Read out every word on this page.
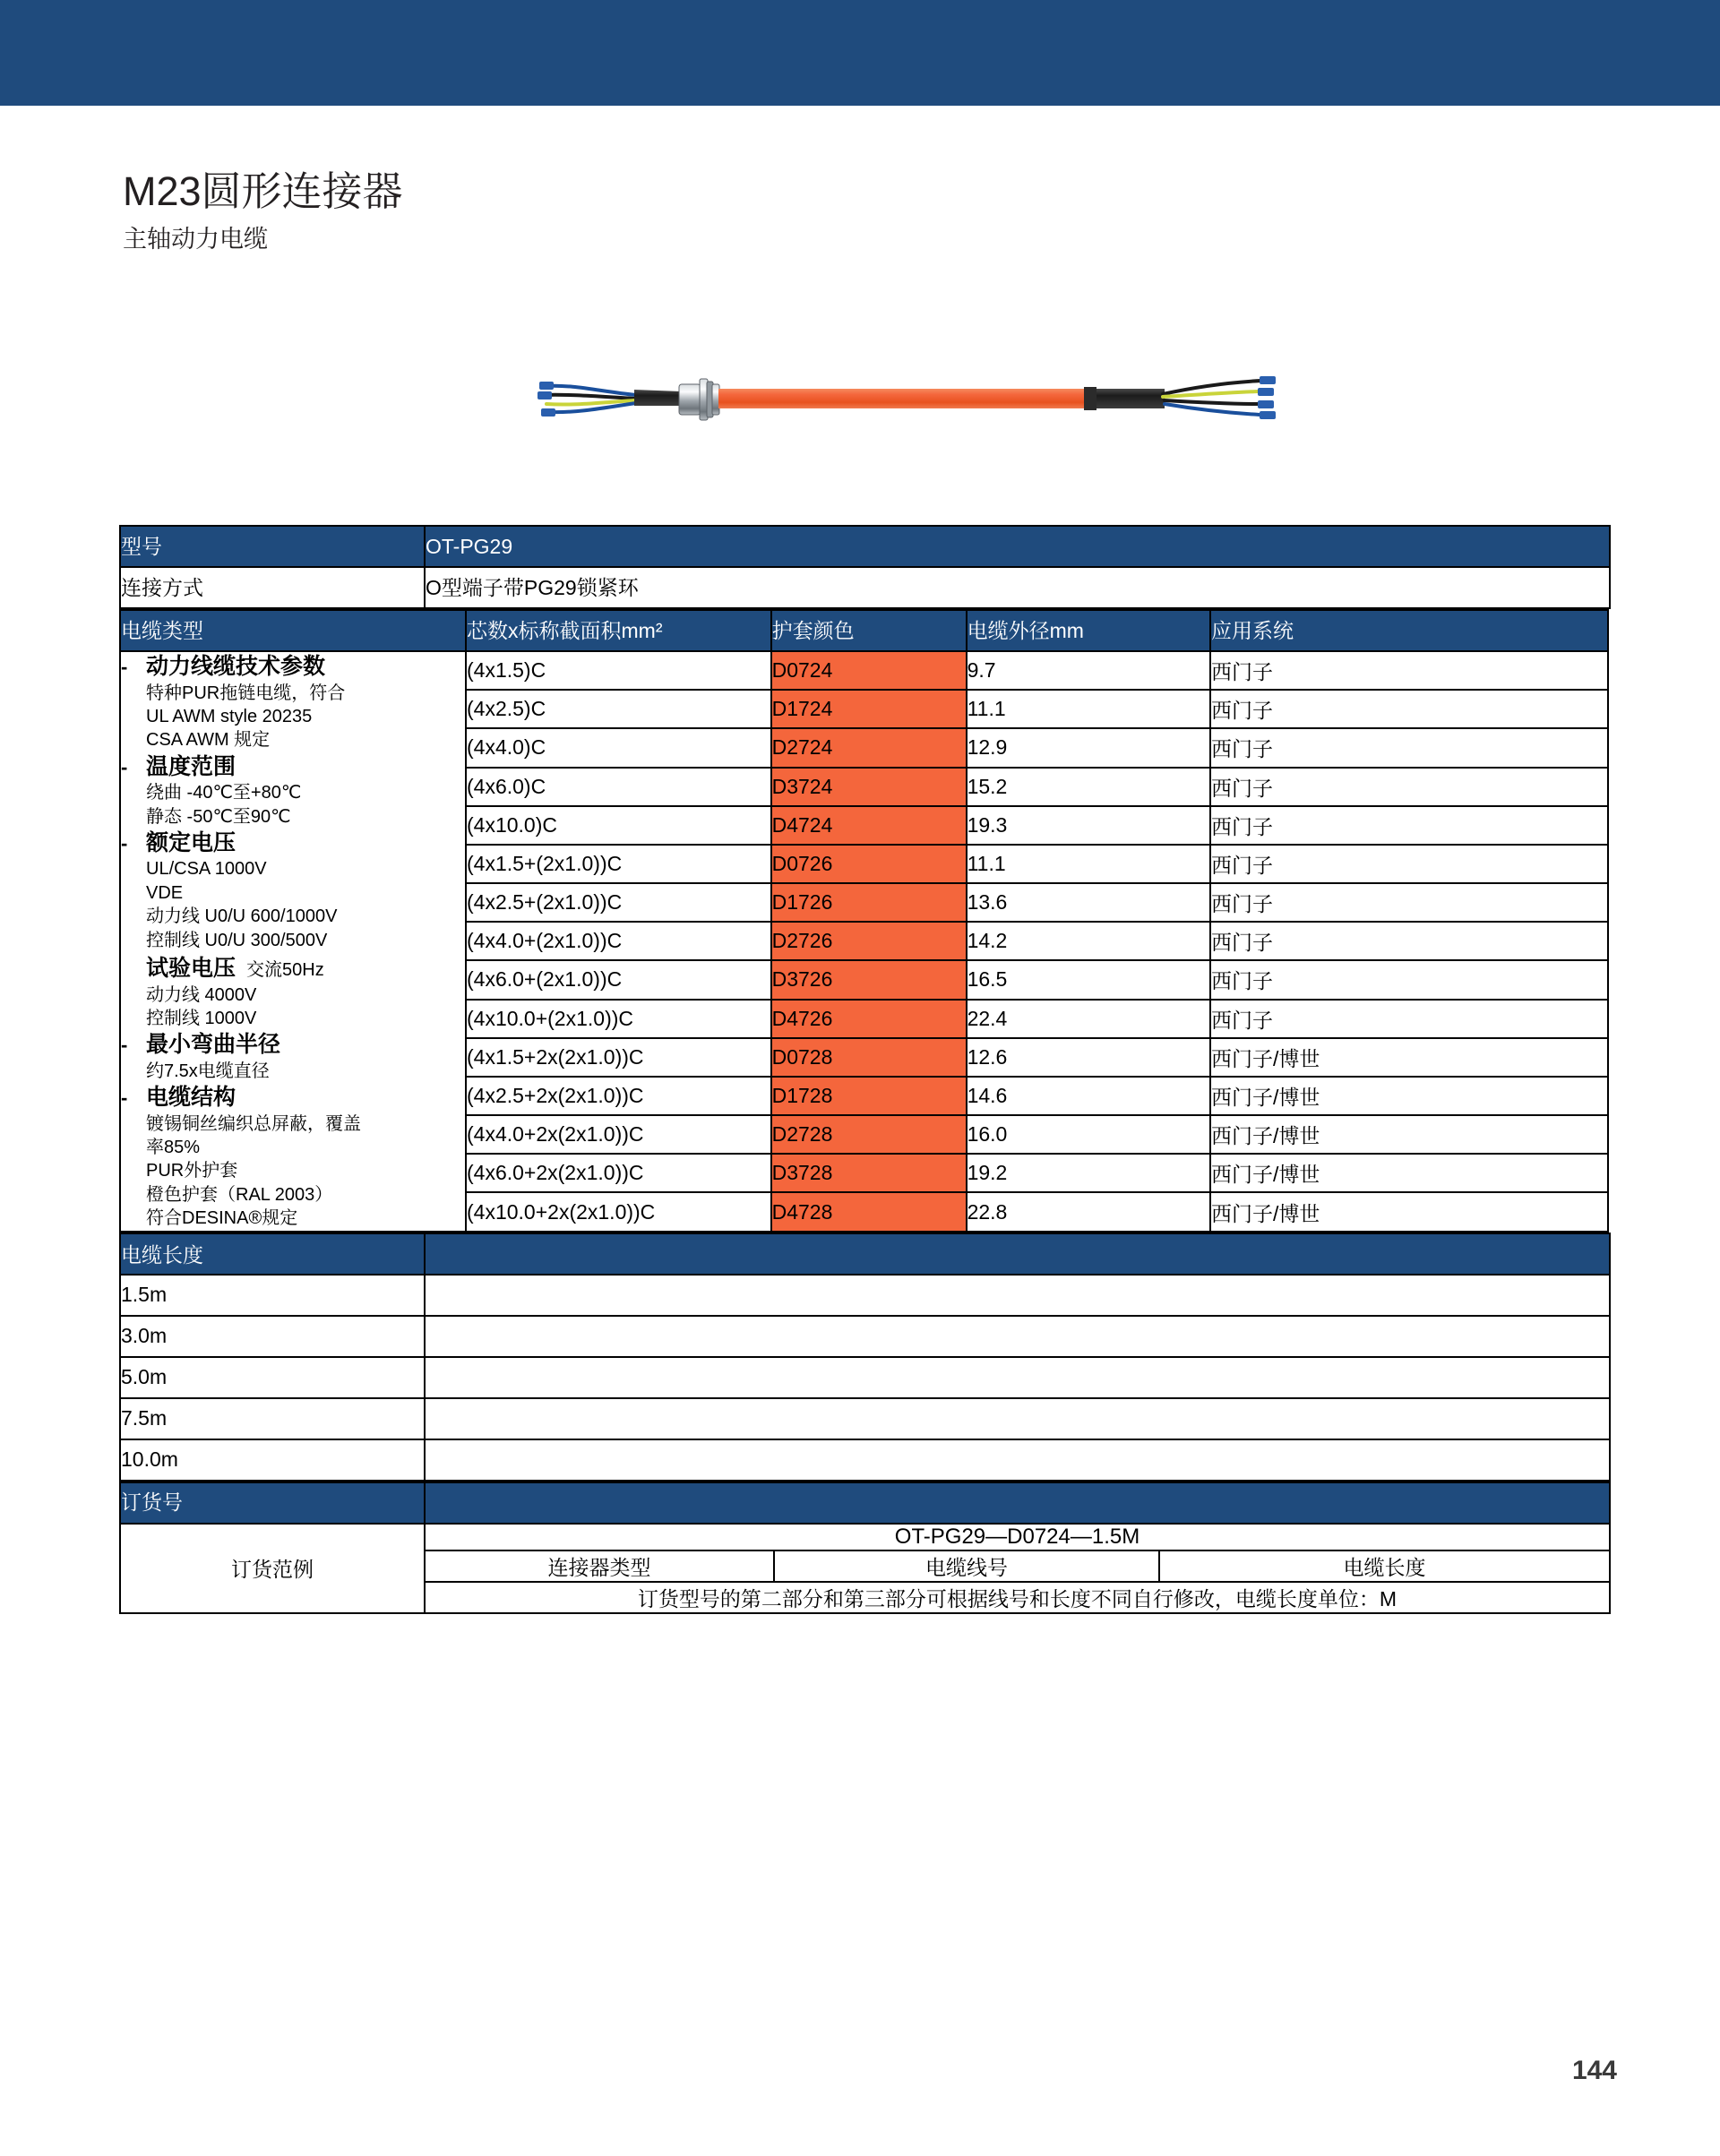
M23圆形连接器
主轴动力电缆
型号	OT-PG29
连接方式	O型端子带PG29锁紧环
电缆类型	芯数x标称截面积mm²	护套颜色	电缆外径mm	应用系统

- 动力线缆技术参数
特种PUR拖链电缆，符合
UL AWM style 20235
CSA AWM 规定
- 温度范围
绕曲 -40℃至+80℃
静态 -50℃至90℃
- 额定电压
UL/CSA 1000V
VDE
动力线 U0/U 600/1000V
控制线 U0/U 300/500V
试验电压 交流50Hz
动力线 4000V
控制线 1000V
- 最小弯曲半径
约7.5x电缆直径
- 电缆结构
镀锡铜丝编织总屏蔽，覆盖
率85%
PUR外护套
橙色护套（RAL 2003）
符合DESINA®规定
	(4x1.5)C	D0724	9.7	西门子
	(4x2.5)C	D1724	11.1	西门子
	(4x4.0)C	D2724	12.9	西门子
	(4x6.0)C	D3724	15.2	西门子
	(4x10.0)C	D4724	19.3	西门子
	(4x1.5+(2x1.0))C	D0726	11.1	西门子
	(4x2.5+(2x1.0))C	D1726	13.6	西门子
	(4x4.0+(2x1.0))C	D2726	14.2	西门子
	(4x6.0+(2x1.0))C	D3726	16.5	西门子
	(4x10.0+(2x1.0))C	D4726	22.4	西门子
	(4x1.5+2x(2x1.0))C	D0728	12.6	西门子/博世
	(4x2.5+2x(2x1.0))C	D1728	14.6	西门子/博世
	(4x4.0+2x(2x1.0))C	D2728	16.0	西门子/博世
	(4x6.0+2x(2x1.0))C	D3728	19.2	西门子/博世
	(4x10.0+2x(2x1.0))C	D4728	22.8	西门子/博世
电缆长度	
1.5m	
3.0m	
5.0m	
7.5m	
10.0m	
订货号			
订货范例	OT-PG29—D0724—1.5M		
	连接器类型	电缆线号	电缆长度
	订货型号的第二部分和第三部分可根据线号和长度不同自行修改，电缆长度单位：M		
144
